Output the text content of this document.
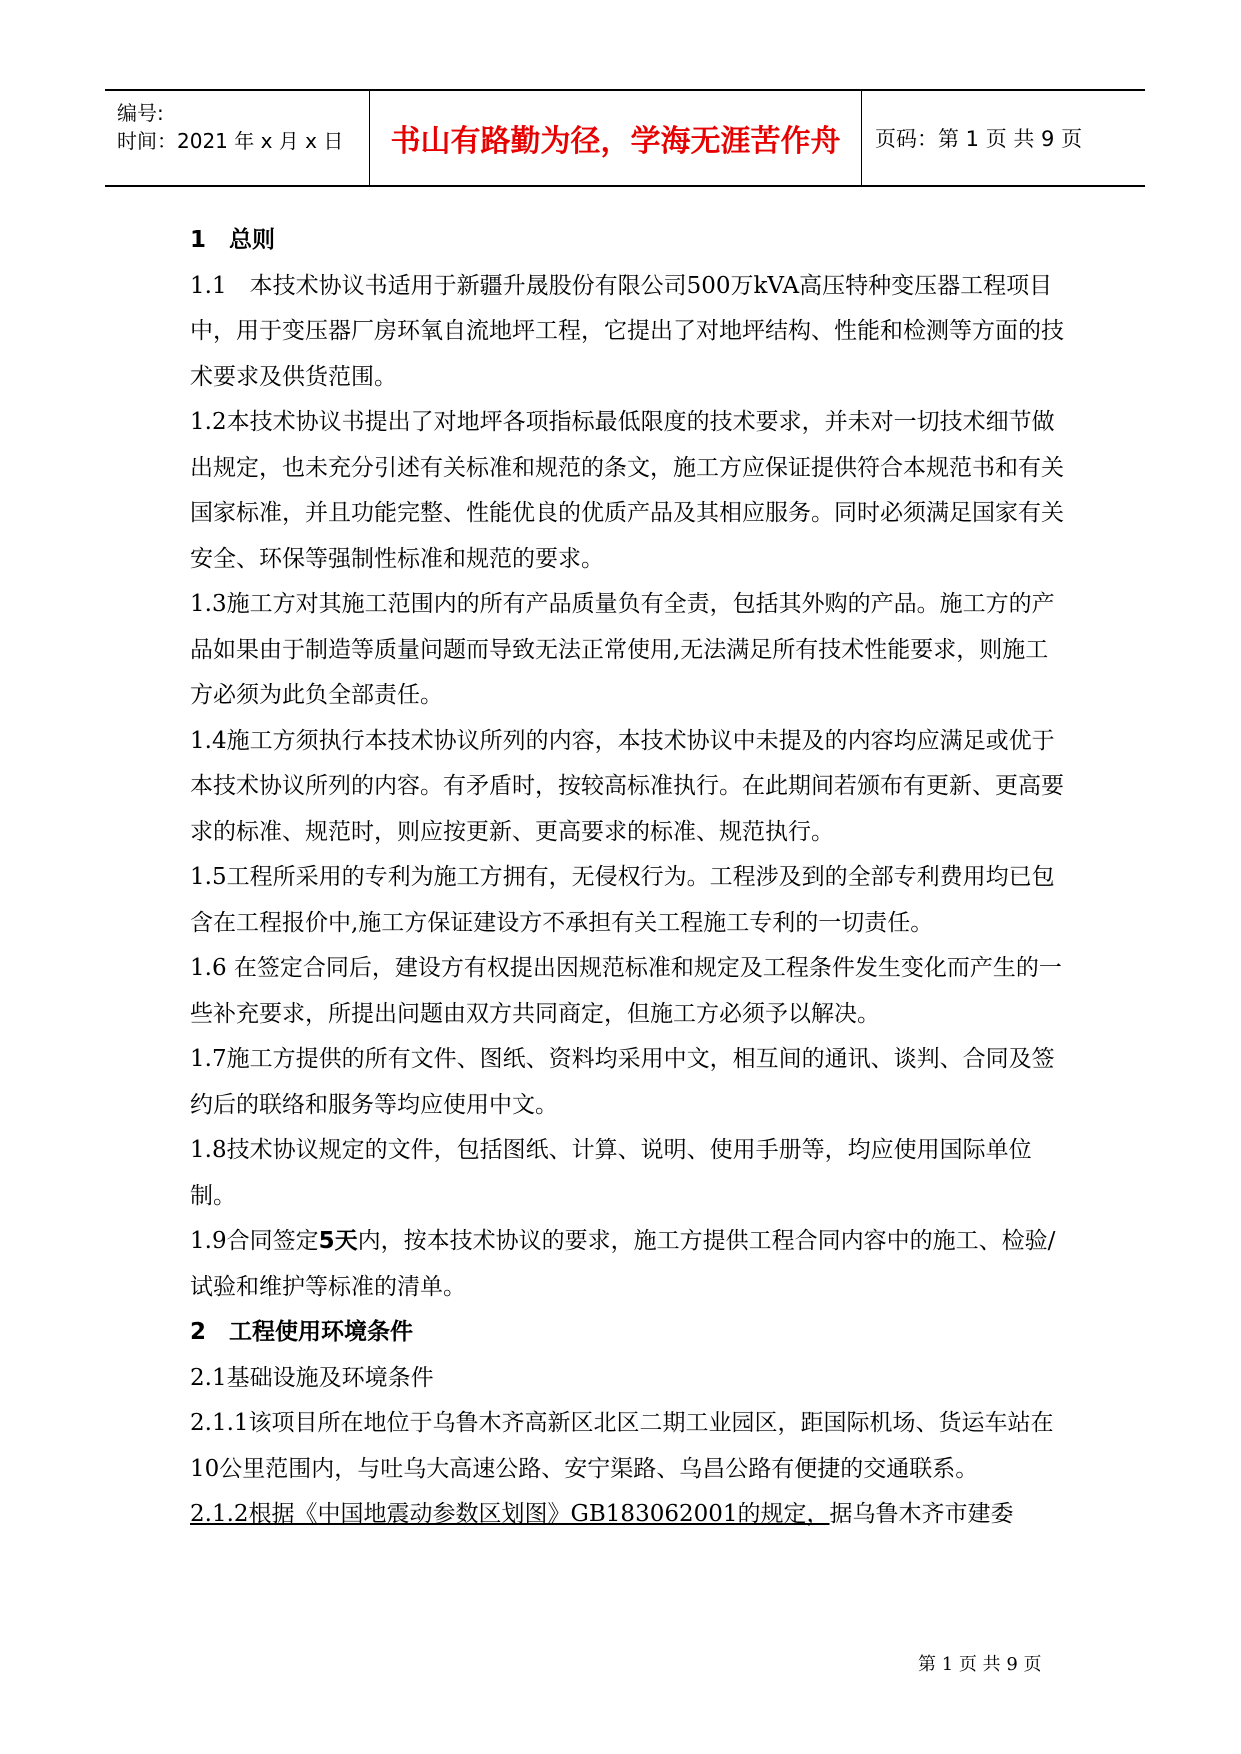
编号:
时间：2021 年 x 月 x 日	书山有路勤为径，学海无涯苦作舟	页码：第 1 页 共 9 页

1　总则

1.1　本技术协议书适用于新疆升晟股份有限公司500万kVA高压特种变压器工程项目中，用于变压器厂房环氧自流地坪工程，它提出了对地坪结构、性能和检测等方面的技术要求及供货范围。

1.2本技术协议书提出了对地坪各项指标最低限度的技术要求，并未对一切技术细节做出规定，也未充分引述有关标准和规范的条文，施工方应保证提供符合本规范书和有关国家标准，并且功能完整、性能优良的优质产品及其相应服务。同时必须满足国家有关安全、环保等强制性标准和规范的要求。

1.3施工方对其施工范围内的所有产品质量负有全责，包括其外购的产品。施工方的产品如果由于制造等质量问题而导致无法正常使用,无法满足所有技术性能要求，则施工方必须为此负全部责任。

1.4施工方须执行本技术协议所列的内容，本技术协议中未提及的内容均应满足或优于本技术协议所列的内容。有矛盾时，按较高标准执行。在此期间若颁布有更新、更高要求的标准、规范时，则应按更新、更高要求的标准、规范执行。

1.5工程所采用的专利为施工方拥有，无侵权行为。工程涉及到的全部专利费用均已包含在工程报价中,施工方保证建设方不承担有关工程施工专利的一切责任。

1.6 在签定合同后，建设方有权提出因规范标准和规定及工程条件发生变化而产生的一些补充要求，所提出问题由双方共同商定，但施工方必须予以解决。

1.7施工方提供的所有文件、图纸、资料均采用中文，相互间的通讯、谈判、合同及签约后的联络和服务等均应使用中文。

1.8技术协议规定的文件，包括图纸、计算、说明、使用手册等，均应使用国际单位制。

1.9合同签定5天内，按本技术协议的要求，施工方提供工程合同内容中的施工、检验/试验和维护等标准的清单。

2　工程使用环境条件

2.1基础设施及环境条件

2.1.1该项目所在地位于乌鲁木齐高新区北区二期工业园区，距国际机场、货运车站在10公里范围内，与吐乌大高速公路、安宁渠路、乌昌公路有便捷的交通联系。

2.1.2根据《中国地震动参数区划图》GB183062001的规定，据乌鲁木齐市建委

第 1 页 共 9 页
